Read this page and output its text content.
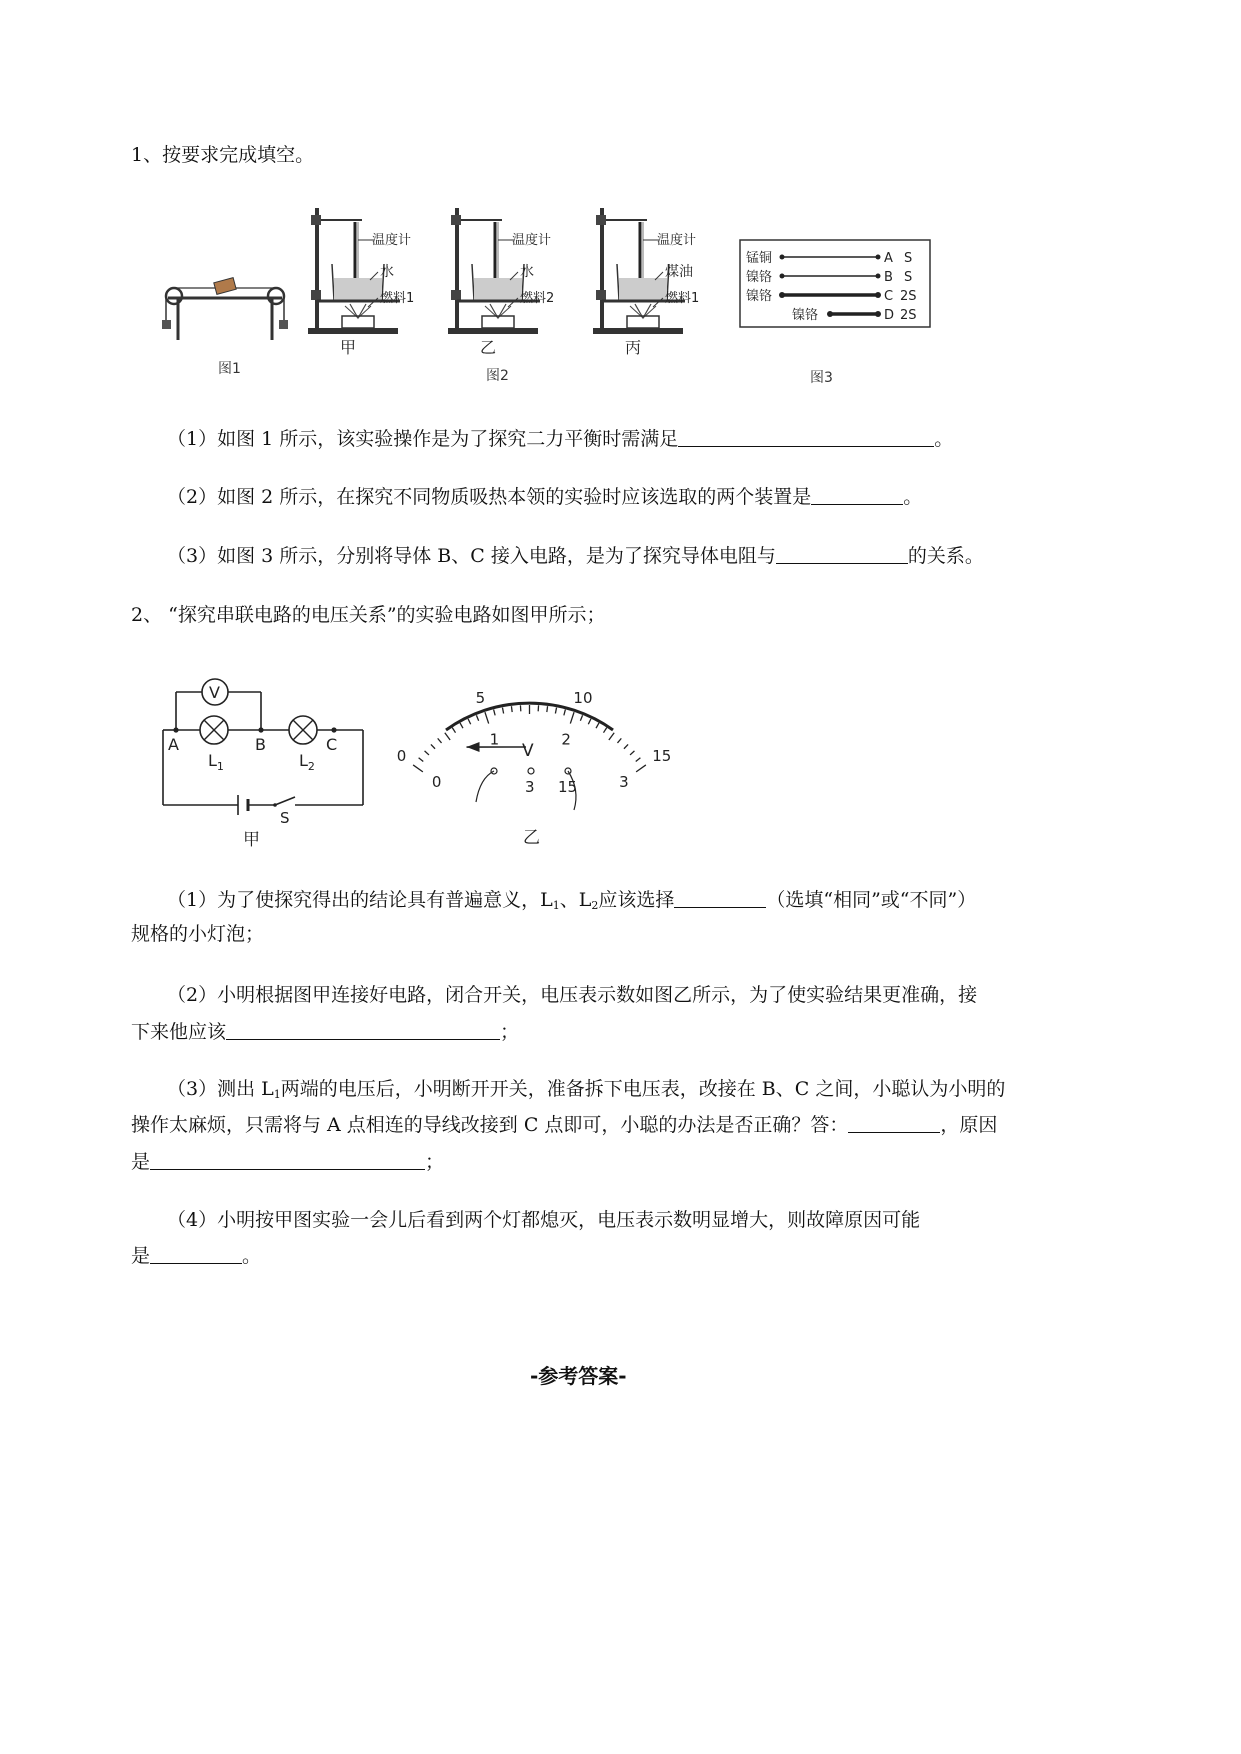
1、按要求完成填空。
图1
温度计
水
燃料1
甲
温度计
水
燃料2
乙
温度计
煤油
燃料1
丙
图2
锰铜	A S
镍铬	B S
镍铬	C 2S
镍铬	D 2S
图3
（1）如图 1 所示，该实验操作是为了探究二力平衡时需满足	。
（2）如图 2 所示，在探究不同物质吸热本领的实验时应该选取的两个装置是	。
（3）如图 3 所示，分别将导体 B、C 接入电路，是为了探究导体电阻与	的关系。
2、 “探究串联电路的电压关系”的实验电路如图甲所示；
V
A	B	C
$L_1$	$L_2$
S
甲
0
5	10
15
0
1	2
3
V
3 15
乙
（1）为了使探究得出的结论具有普遍意义，$L_1$、$L_2$应该选择	（选填“相同”或“不同”）
规格的小灯泡；
（2）小明根据图甲连接好电路，闭合开关，电压表示数如图乙所示，为了使实验结果更准确，接
下来他应该	；
（3）测出 $L_1$两端的电压后，小明断开开关，准备拆下电压表，改接在 B、C 之间，小聪认为小明的
操作太麻烦，只需将与 A 点相连的导线改接到 C 点即可，小聪的办法是否正确？答：	，原因
是	；
（4）小明按甲图实验一会儿后看到两个灯都熄灭，电压表示数明显增大，则故障原因可能
是	。
-参考答案-
